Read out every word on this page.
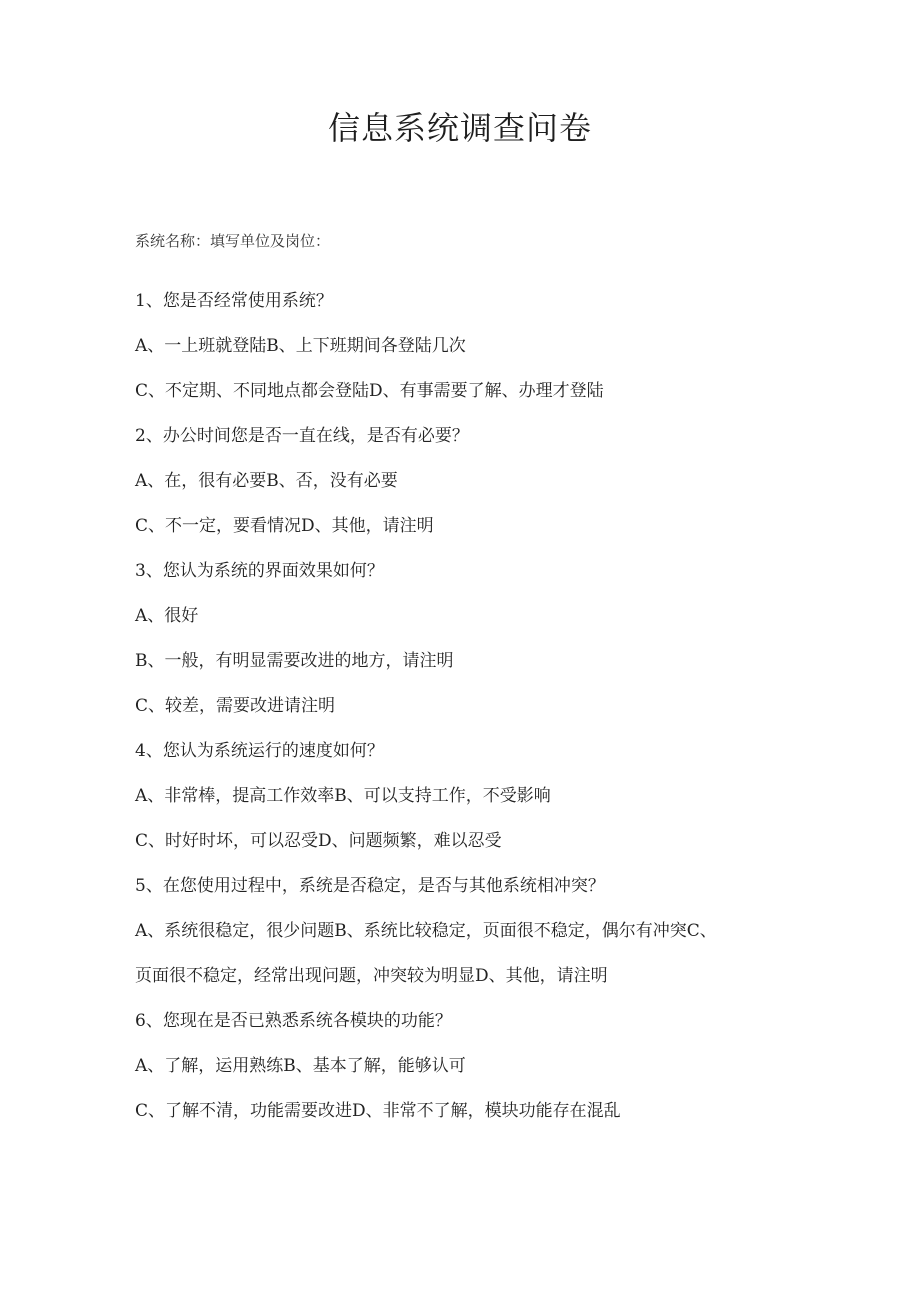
信息系统调查问卷
系统名称：填写单位及岗位：
1、您是否经常使用系统？
A、一上班就登陆B、上下班期间各登陆几次
C、不定期、不同地点都会登陆D、有事需要了解、办理才登陆
2、办公时间您是否一直在线，是否有必要？
A、在，很有必要B、否，没有必要
C、不一定，要看情况D、其他，请注明
3、您认为系统的界面效果如何？
A、很好
B、一般，有明显需要改进的地方，请注明
C、较差，需要改进请注明
4、您认为系统运行的速度如何？
A、非常棒，提高工作效率B、可以支持工作，不受影响
C、时好时坏，可以忍受D、问题频繁，难以忍受
5、在您使用过程中，系统是否稳定，是否与其他系统相冲突？
A、系统很稳定，很少问题B、系统比较稳定，页面很不稳定，偶尔有冲突C、
页面很不稳定，经常出现问题，冲突较为明显D、其他，请注明
6、您现在是否已熟悉系统各模块的功能？
A、了解，运用熟练B、基本了解，能够认可
C、了解不清，功能需要改进D、非常不了解，模块功能存在混乱
